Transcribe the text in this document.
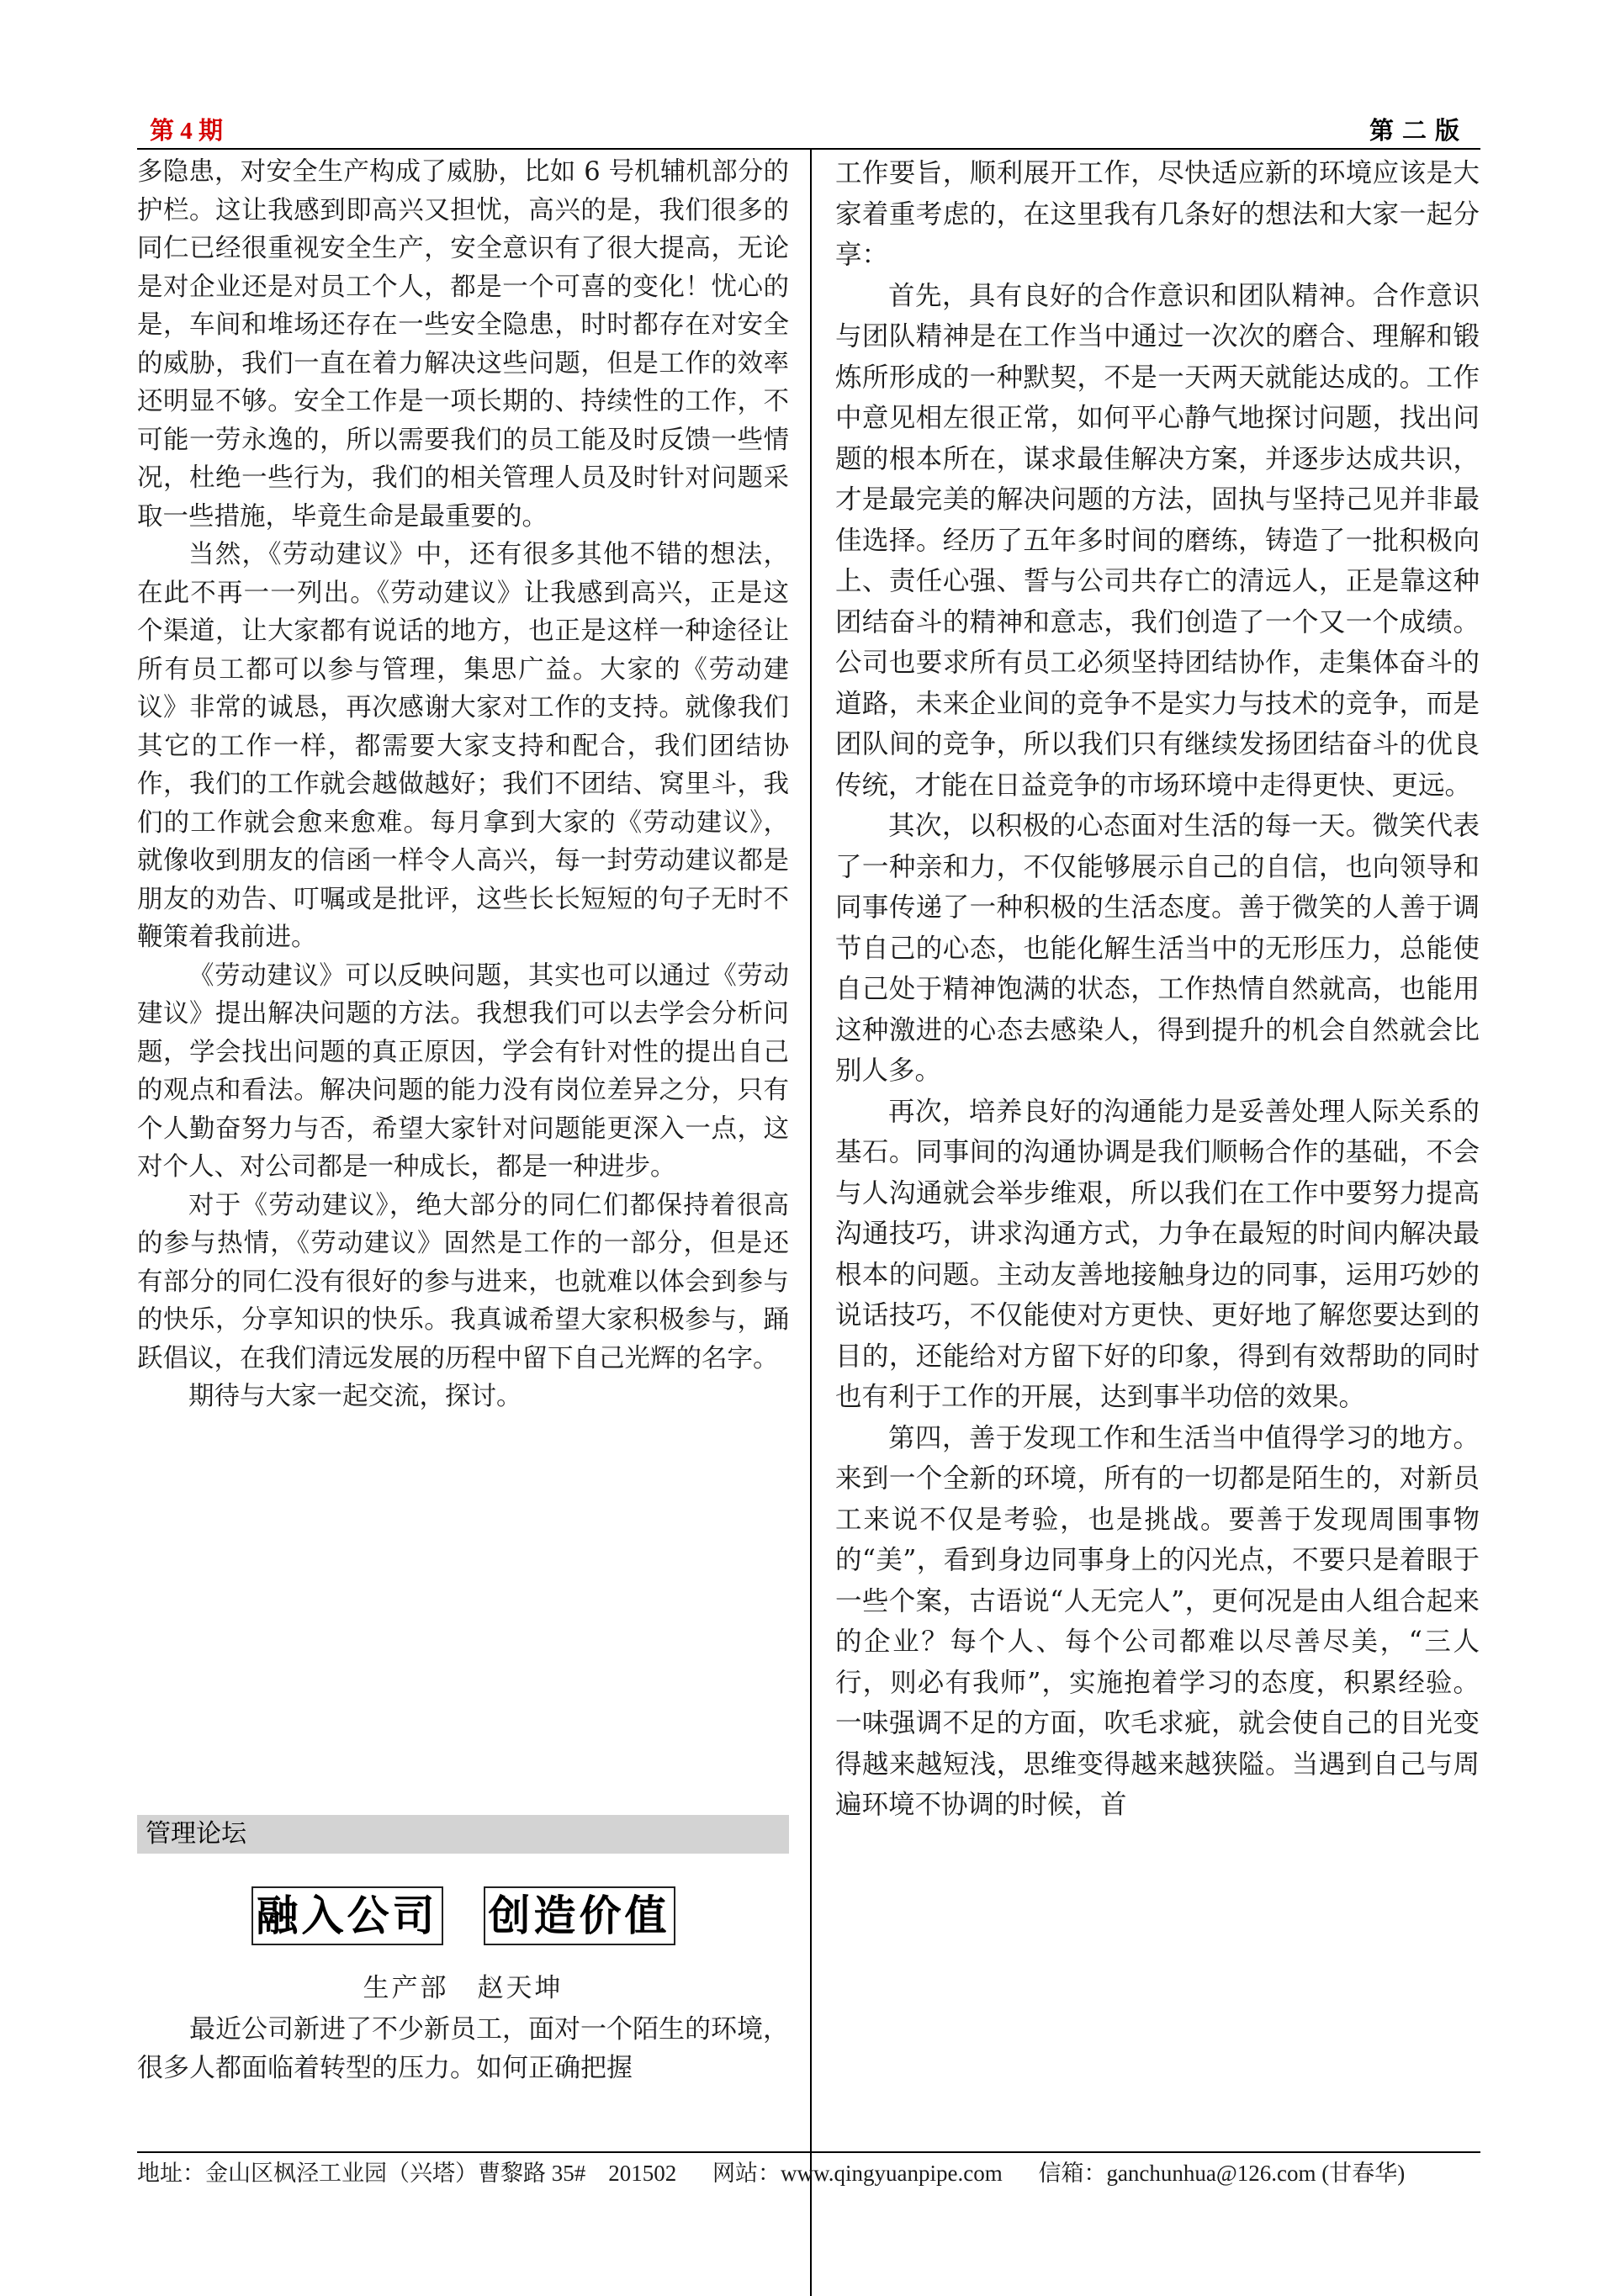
第 4 期	第二版

多隐患，对安全生产构成了威胁，比如 6 号机辅机部分的护栏。这让我感到即高兴又担忧，高兴的是，我们很多的同仁已经很重视安全生产，安全意识有了很大提高，无论是对企业还是对员工个人，都是一个可喜的变化！忧心的是，车间和堆场还存在一些安全隐患，时时都存在对安全的威胁，我们一直在着力解决这些问题，但是工作的效率还明显不够。安全工作是一项长期的、持续性的工作，不可能一劳永逸的，所以需要我们的员工能及时反馈一些情况，杜绝一些行为，我们的相关管理人员及时针对问题采取一些措施，毕竟生命是最重要的。

当然，《劳动建议》中，还有很多其他不错的想法，在此不再一一列出。《劳动建议》让我感到高兴，正是这个渠道，让大家都有说话的地方，也正是这样一种途径让所有员工都可以参与管理，集思广益。大家的《劳动建议》非常的诚恳，再次感谢大家对工作的支持。就像我们其它的工作一样，都需要大家支持和配合，我们团结协作，我们的工作就会越做越好；我们不团结、窝里斗，我们的工作就会愈来愈难。每月拿到大家的《劳动建议》，就像收到朋友的信函一样令人高兴，每一封劳动建议都是朋友的劝告、叮嘱或是批评，这些长长短短的句子无时不鞭策着我前进。

《劳动建议》可以反映问题，其实也可以通过《劳动建议》提出解决问题的方法。我想我们可以去学会分析问题，学会找出问题的真正原因，学会有针对性的提出自己的观点和看法。解决问题的能力没有岗位差异之分，只有个人勤奋努力与否，希望大家针对问题能更深入一点，这对个人、对公司都是一种成长，都是一种进步。

对于《劳动建议》，绝大部分的同仁们都保持着很高的参与热情，《劳动建议》固然是工作的一部分，但是还有部分的同仁没有很好的参与进来，也就难以体会到参与的快乐，分享知识的快乐。我真诚希望大家积极参与，踊跃倡议，在我们清远发展的历程中留下自己光辉的名字。

期待与大家一起交流，探讨。

管理论坛
融入公司 创造价值
生产部　赵天坤

最近公司新进了不少新员工，面对一个陌生的环境，很多人都面临着转型的压力。如何正确把握

工作要旨，顺利展开工作，尽快适应新的环境应该是大家着重考虑的，在这里我有几条好的想法和大家一起分享：

首先，具有良好的合作意识和团队精神。合作意识与团队精神是在工作当中通过一次次的磨合、理解和锻炼所形成的一种默契，不是一天两天就能达成的。工作中意见相左很正常，如何平心静气地探讨问题，找出问题的根本所在，谋求最佳解决方案，并逐步达成共识，才是最完美的解决问题的方法，固执与坚持己见并非最佳选择。经历了五年多时间的磨练，铸造了一批积极向上、责任心强、誓与公司共存亡的清远人，正是靠这种团结奋斗的精神和意志，我们创造了一个又一个成绩。公司也要求所有员工必须坚持团结协作，走集体奋斗的道路，未来企业间的竞争不是实力与技术的竞争，而是团队间的竞争，所以我们只有继续发扬团结奋斗的优良传统，才能在日益竞争的市场环境中走得更快、更远。

其次，以积极的心态面对生活的每一天。微笑代表了一种亲和力，不仅能够展示自己的自信，也向领导和同事传递了一种积极的生活态度。善于微笑的人善于调节自己的心态，也能化解生活当中的无形压力，总能使自己处于精神饱满的状态，工作热情自然就高，也能用这种激进的心态去感染人，得到提升的机会自然就会比别人多。

再次，培养良好的沟通能力是妥善处理人际关系的基石。同事间的沟通协调是我们顺畅合作的基础，不会与人沟通就会举步维艰，所以我们在工作中要努力提高沟通技巧，讲求沟通方式，力争在最短的时间内解决最根本的问题。主动友善地接触身边的同事，运用巧妙的说话技巧，不仅能使对方更快、更好地了解您要达到的目的，还能给对方留下好的印象，得到有效帮助的同时也有利于工作的开展，达到事半功倍的效果。

第四，善于发现工作和生活当中值得学习的地方。来到一个全新的环境，所有的一切都是陌生的，对新员工来说不仅是考验，也是挑战。要善于发现周围事物的“美”，看到身边同事身上的闪光点，不要只是着眼于一些个案，古语说“人无完人”，更何况是由人组合起来的企业？每个人、每个公司都难以尽善尽美，“三人行，则必有我师”，实施抱着学习的态度，积累经验。一味强调不足的方面，吹毛求疵，就会使自己的目光变得越来越短浅，思维变得越来越狭隘。当遇到自己与周遍环境不协调的时候，首

地址：金山区枫泾工业园（兴塔）曹黎路 35#　201502 网站：www.qingyuanpipe.com 信箱：ganchunhua@126.com (甘春华)
